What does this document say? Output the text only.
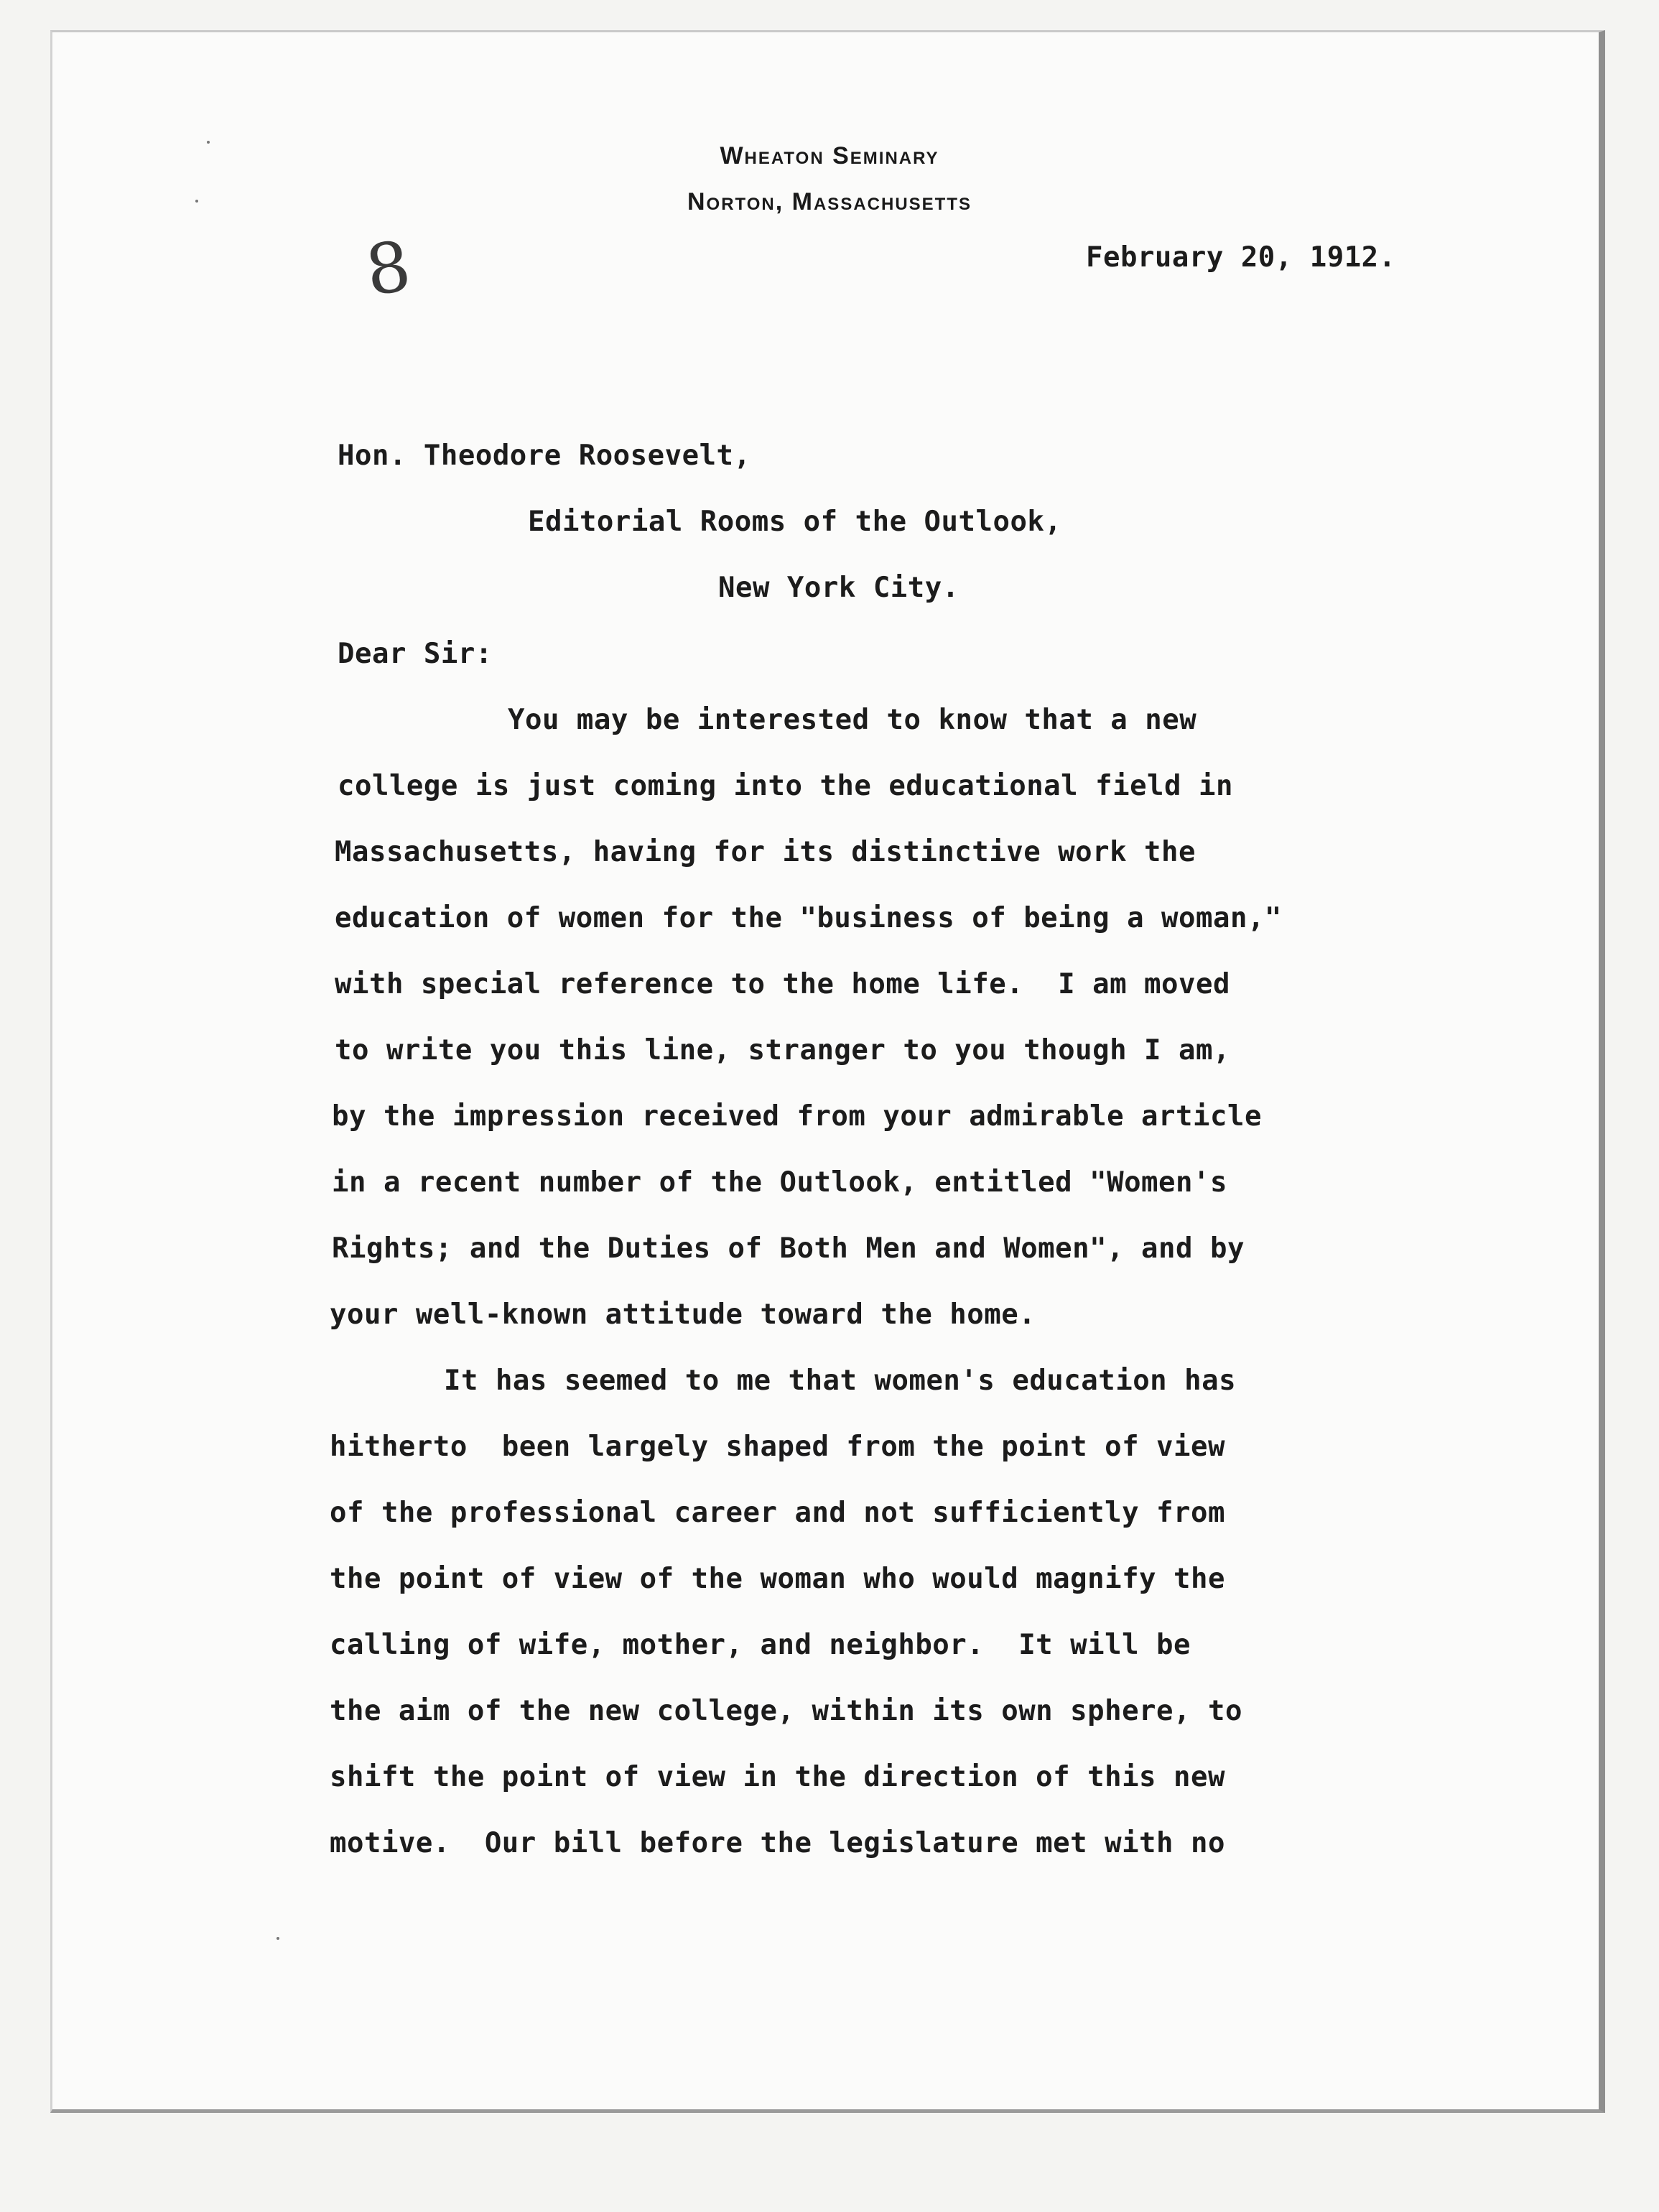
Wheaton Seminary
Norton, Massachusetts
8	February 20, 1912.
Hon. Theodore Roosevelt,
Editorial Rooms of the Outlook,
New York City.
Dear Sir:
You may be interested to know that a new
college is just coming into the educational field in
Massachusetts, having for its distinctive work the
education of women for the "business of being a woman,"
with special reference to the home life.  I am moved
to write you this line, stranger to you though I am,
by the impression received from your admirable article
in a recent number of the Outlook, entitled "Women's
Rights; and the Duties of Both Men and Women", and by
your well-known attitude toward the home.
It has seemed to me that women's education has
hitherto  been largely shaped from the point of view
of the professional career and not sufficiently from
the point of view of the woman who would magnify the
calling of wife, mother, and neighbor.  It will be
the aim of the new college, within its own sphere, to
shift the point of view in the direction of this new
motive.  Our bill before the legislature met with no
